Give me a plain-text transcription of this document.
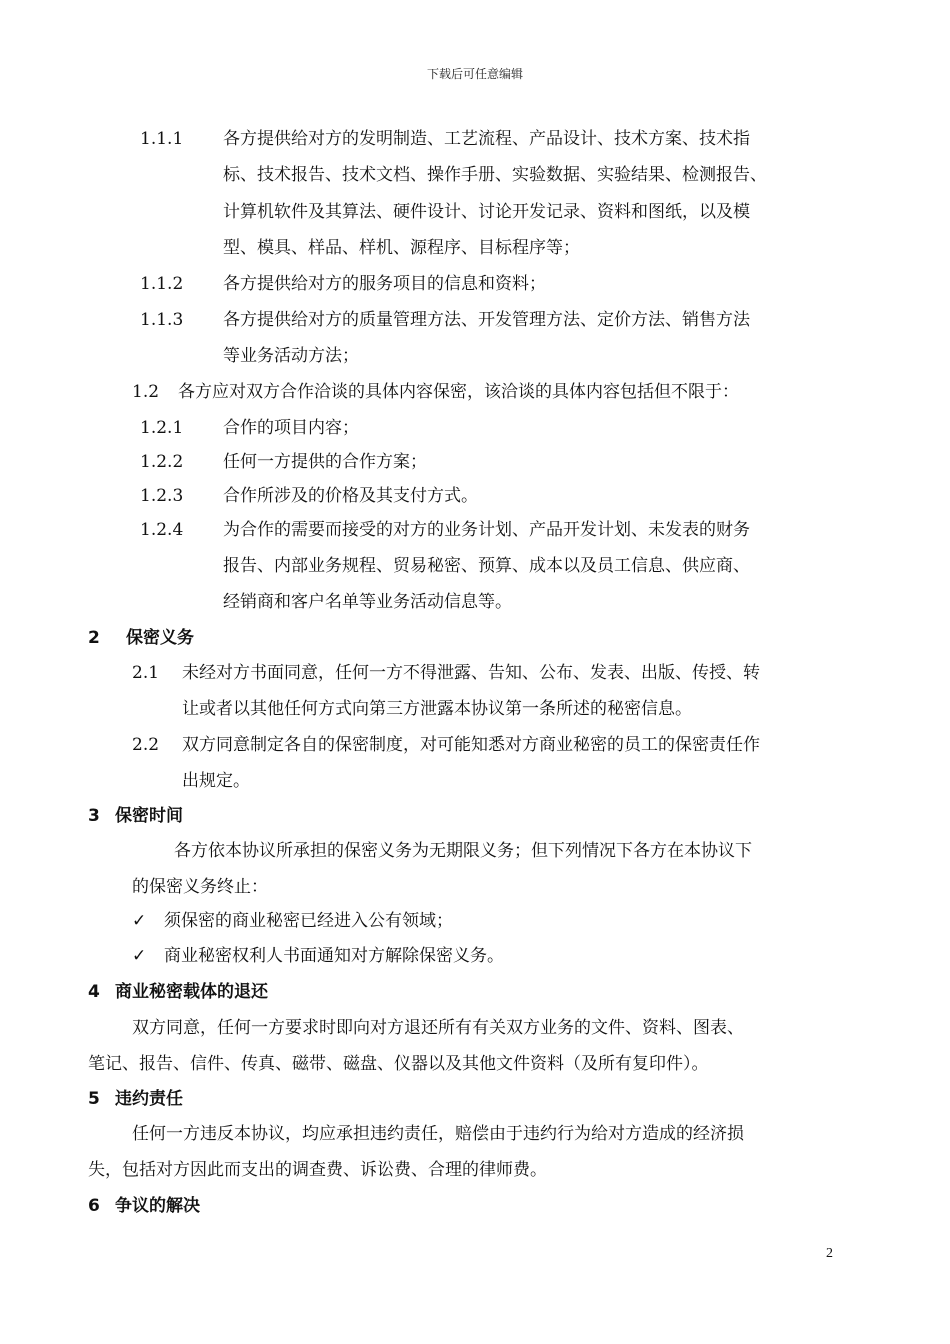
下载后可任意编辑
1.1.1 各方提供给对方的发明制造、工艺流程、产品设计、技术方案、技术指
标、技术报告、技术文档、操作手册、实验数据、实验结果、检测报告、
计算机软件及其算法、硬件设计、讨论开发记录、资料和图纸，以及模
型、模具、样品、样机、源程序、目标程序等；
1.1.2 各方提供给对方的服务项目的信息和资料；
1.1.3 各方提供给对方的质量管理方法、开发管理方法、定价方法、销售方法
等业务活动方法；
1.2 各方应对双方合作洽谈的具体内容保密，该洽谈的具体内容包括但不限于：
1.2.1 合作的项目内容；
1.2.2 任何一方提供的合作方案；
1.2.3 合作所涉及的价格及其支付方式。
1.2.4 为合作的需要而接受的对方的业务计划、产品开发计划、未发表的财务
报告、内部业务规程、贸易秘密、预算、成本以及员工信息、供应商、
经销商和客户名单等业务活动信息等。
2 保密义务
2.1 未经对方书面同意，任何一方不得泄露、告知、公布、发表、出版、传授、转
让或者以其他任何方式向第三方泄露本协议第一条所述的秘密信息。
2.2 双方同意制定各自的保密制度，对可能知悉对方商业秘密的员工的保密责任作
出规定。
3 保密时间
各方依本协议所承担的保密义务为无期限义务；但下列情况下各方在本协议下
的保密义务终止：
✓ 须保密的商业秘密已经进入公有领域；
✓ 商业秘密权利人书面通知对方解除保密义务。
4 商业秘密载体的退还
双方同意，任何一方要求时即向对方退还所有有关双方业务的文件、资料、图表、
笔记、报告、信件、传真、磁带、磁盘、仪器以及其他文件资料（及所有复印件）。
5 违约责任
任何一方违反本协议，均应承担违约责任，赔偿由于违约行为给对方造成的经济损
失，包括对方因此而支出的调查费、诉讼费、合理的律师费。
6 争议的解决
2
